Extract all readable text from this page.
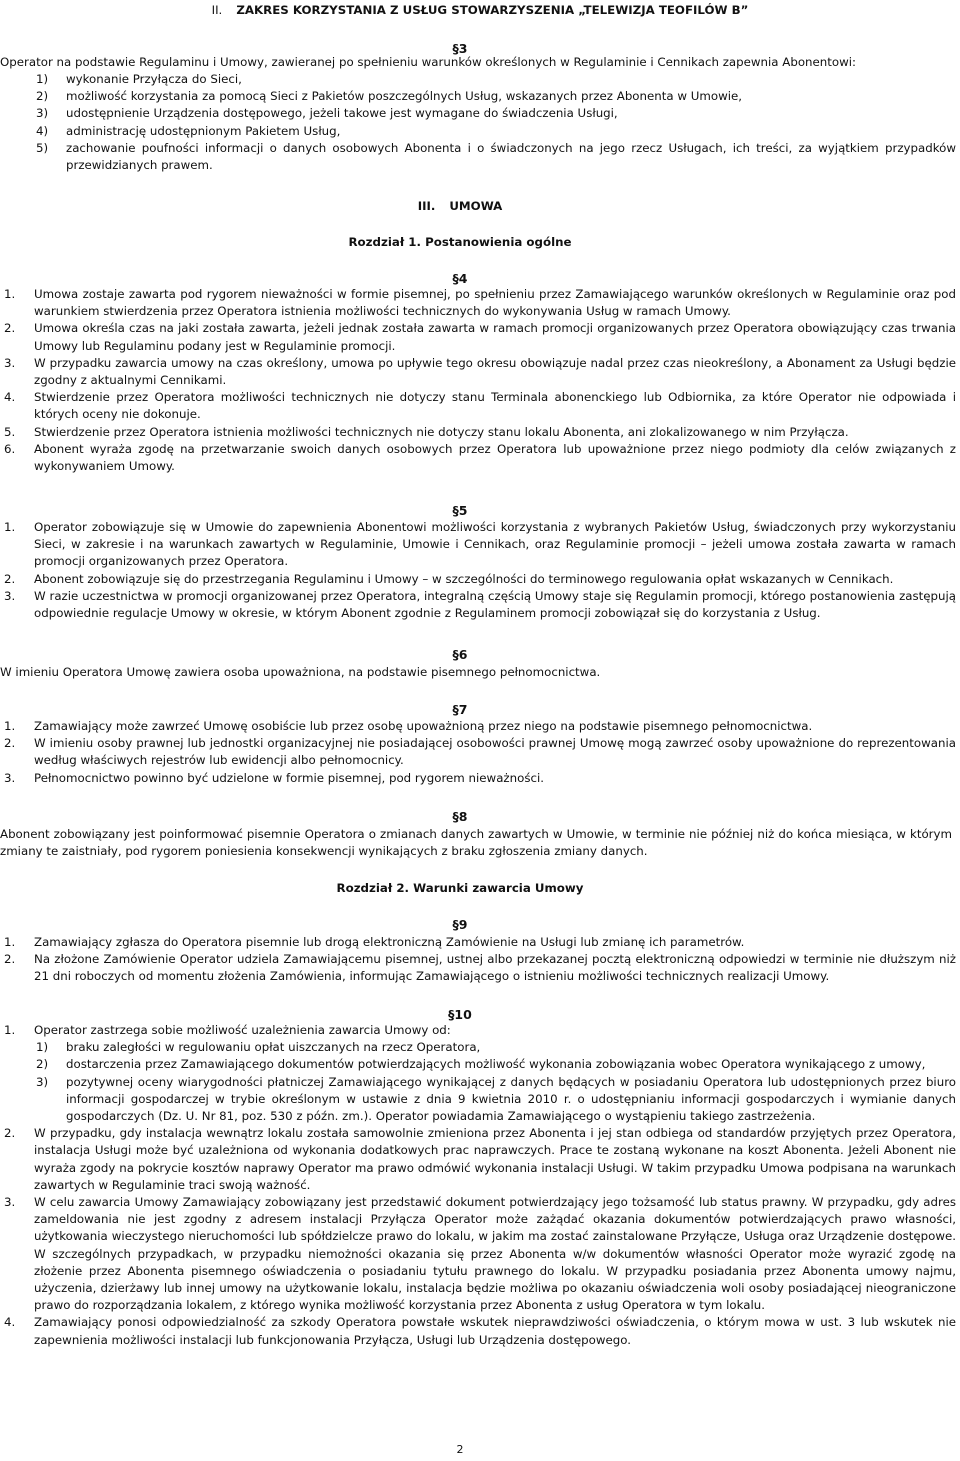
II. ZAKRES KORZYSTANIA Z USŁUG STOWARZYSZENIA „TELEWIZJA TEOFILÓW B”
§3
Operator na podstawie Regulaminu i Umowy, zawieranej po spełnieniu warunków określonych w Regulaminie i Cennikach zapewnia Abonentowi:
1) wykonanie Przyłącza do Sieci,
2) możliwość korzystania za pomocą Sieci z Pakietów poszczególnych Usług, wskazanych przez Abonenta w Umowie,
3) udostępnienie Urządzenia dostępowego, jeżeli takowe jest wymagane do świadczenia Usługi,
4) administrację udostępnionym Pakietem Usług,
5) zachowanie poufności informacji o danych osobowych Abonenta i o świadczonych na jego rzecz Usługach, ich treści, za wyjątkiem przypadków przewidzianych prawem.
III. UMOWA
Rozdział 1. Postanowienia ogólne
§4
1. Umowa zostaje zawarta pod rygorem nieważności w formie pisemnej, po spełnieniu przez Zamawiającego warunków określonych w Regulaminie oraz pod warunkiem stwierdzenia przez Operatora istnienia możliwości technicznych do wykonywania Usług w ramach Umowy.
2. Umowa określa czas na jaki została zawarta, jeżeli jednak została zawarta w ramach promocji organizowanych przez Operatora obowiązujący czas trwania Umowy lub Regulaminu podany jest w Regulaminie promocji.
3. W przypadku zawarcia umowy na czas określony, umowa po upływie tego okresu obowiązuje nadal przez czas nieokreślony, a Abonament za Usługi będzie zgodny z aktualnymi Cennikami.
4. Stwierdzenie przez Operatora możliwości technicznych nie dotyczy stanu Terminala abonenckiego lub Odbiornika, za które Operator nie odpowiada i których oceny nie dokonuje.
5. Stwierdzenie przez Operatora istnienia możliwości technicznych nie dotyczy stanu lokalu Abonenta, ani zlokalizowanego w nim Przyłącza.
6. Abonent wyraża zgodę na przetwarzanie swoich danych osobowych przez Operatora lub upoważnione przez niego podmioty dla celów związanych z wykonywaniem Umowy.
§5
1. Operator zobowiązuje się w Umowie do zapewnienia Abonentowi możliwości korzystania z wybranych Pakietów Usług, świadczonych przy wykorzystaniu Sieci, w zakresie i na warunkach zawartych w Regulaminie, Umowie i Cennikach, oraz Regulaminie promocji – jeżeli umowa została zawarta w ramach promocji organizowanych przez Operatora.
2. Abonent zobowiązuje się do przestrzegania Regulaminu i Umowy – w szczególności do terminowego regulowania opłat wskazanych w Cennikach.
3. W razie uczestnictwa w promocji organizowanej przez Operatora, integralną częścią Umowy staje się Regulamin promocji, którego postanowienia zastępują odpowiednie regulacje Umowy w okresie, w którym Abonent zgodnie z Regulaminem promocji zobowiązał się do korzystania z Usług.
§6
W imieniu Operatora Umowę zawiera osoba upoważniona, na podstawie pisemnego pełnomocnictwa.
§7
1. Zamawiający może zawrzeć Umowę osobiście lub przez osobę upoważnioną przez niego na podstawie pisemnego pełnomocnictwa.
2. W imieniu osoby prawnej lub jednostki organizacyjnej nie posiadającej osobowości prawnej Umowę mogą zawrzeć osoby upoważnione do reprezentowania według właściwych rejestrów lub ewidencji albo pełnomocnicy.
3. Pełnomocnictwo powinno być udzielone w formie pisemnej, pod rygorem nieważności.
§8
Abonent zobowiązany jest poinformować pisemnie Operatora o zmianach danych zawartych w Umowie, w terminie nie później niż do końca miesiąca, w którym zmiany te zaistniały, pod rygorem poniesienia konsekwencji wynikających z braku zgłoszenia zmiany danych.
Rozdział 2. Warunki zawarcia Umowy
§9
1. Zamawiający zgłasza do Operatora pisemnie lub drogą elektroniczną Zamówienie na Usługi lub zmianę ich parametrów.
2. Na złożone Zamówienie Operator udziela Zamawiającemu pisemnej, ustnej albo przekazanej pocztą elektroniczną odpowiedzi w terminie nie dłuższym niż 21 dni roboczych od momentu złożenia Zamówienia, informując Zamawiającego o istnieniu możliwości technicznych realizacji Umowy.
§10
1. Operator zastrzega sobie możliwość uzależnienia zawarcia Umowy od:
1) braku zaległości w regulowaniu opłat uiszczanych na rzecz Operatora,
2) dostarczenia przez Zamawiającego dokumentów potwierdzających możliwość wykonania zobowiązania wobec Operatora wynikającego z umowy,
3) pozytywnej oceny wiarygodności płatniczej Zamawiającego wynikającej z danych będących w posiadaniu Operatora lub udostępnionych przez biuro informacji gospodarczej w trybie określonym w ustawie z dnia 9 kwietnia 2010 r. o udostępnianiu informacji gospodarczych i wymianie danych gospodarczych (Dz. U. Nr 81, poz. 530 z późn. zm.). Operator powiadamia Zamawiającego o wystąpieniu takiego zastrzeżenia.
2. W przypadku, gdy instalacja wewnątrz lokalu została samowolnie zmieniona przez Abonenta i jej stan odbiega od standardów przyjętych przez Operatora, instalacja Usługi może być uzależniona od wykonania dodatkowych prac naprawczych. Prace te zostaną wykonane na koszt Abonenta. Jeżeli Abonent nie wyraża zgody na pokrycie kosztów naprawy Operator ma prawo odmówić wykonania instalacji Usługi. W takim przypadku Umowa podpisana na warunkach zawartych w Regulaminie traci swoją ważność.
3. W celu zawarcia Umowy Zamawiający zobowiązany jest przedstawić dokument potwierdzający jego tożsamość lub status prawny. W przypadku, gdy adres zameldowania nie jest zgodny z adresem instalacji Przyłącza Operator może zażądać okazania dokumentów potwierdzających prawo własności, użytkowania wieczystego nieruchomości lub spółdzielcze prawo do lokalu, w jakim ma zostać zainstalowane Przyłącze, Usługa oraz Urządzenie dostępowe. W szczególnych przypadkach, w przypadku niemożności okazania się przez Abonenta w/w dokumentów własności Operator może wyrazić zgodę na złożenie przez Abonenta pisemnego oświadczenia o posiadaniu tytułu prawnego do lokalu. W przypadku posiadania przez Abonenta umowy najmu, użyczenia, dzierżawy lub innej umowy na użytkowanie lokalu, instalacja będzie możliwa po okazaniu oświadczenia woli osoby posiadającej nieograniczone prawo do rozporządzania lokalem, z którego wynika możliwość korzystania przez Abonenta z usług Operatora w tym lokalu.
4. Zamawiający ponosi odpowiedzialność za szkody Operatora powstałe wskutek nieprawdziwości oświadczenia, o którym mowa w ust. 3 lub wskutek nie zapewnienia możliwości instalacji lub funkcjonowania Przyłącza, Usługi lub Urządzenia dostępowego.
2
